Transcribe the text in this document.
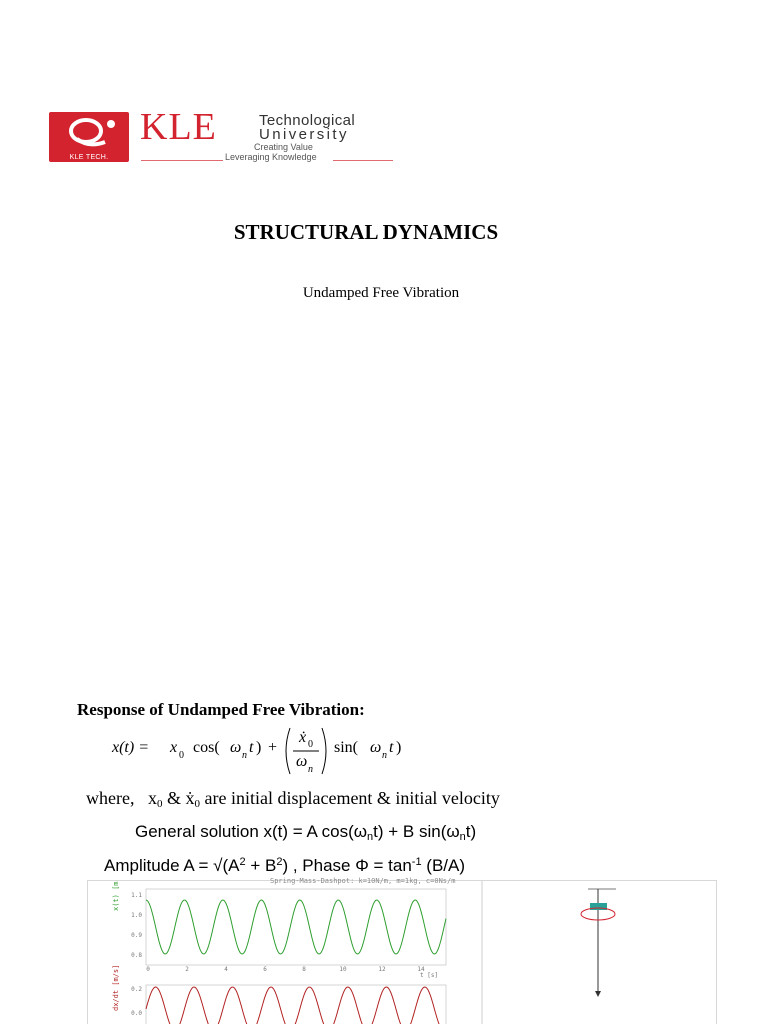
KLE TECH.
KLE	Technological
University
Creating Value
Leveraging Knowledge
STRUCTURAL DYNAMICS
Undamped Free Vibration
Response of Undamped Free Vibration:
x(t) = x 0 cos( ω n t ) +
ẋ 0
ω n
sin( ω n t )
where, $x_0$ & ẋ$_0$ are initial displacement & initial velocity
General solution x(t) = A $\cos(\omega_nt) + B$ $\sin(\omega_nt)$
Amplitude $A = √(A^2 + B^2)$ , Phase $\Phi = \tan^{-1} (B/A)$
1.1
1.0
0.9
0.8
0	2	4	6	8	10	12	14
x(t) [m]
t [s]
0.2
0.0
dx/dt [m/s]
Spring-Mass-Dashpot: k=10N/m, m=1kg, c=0Ns/m
